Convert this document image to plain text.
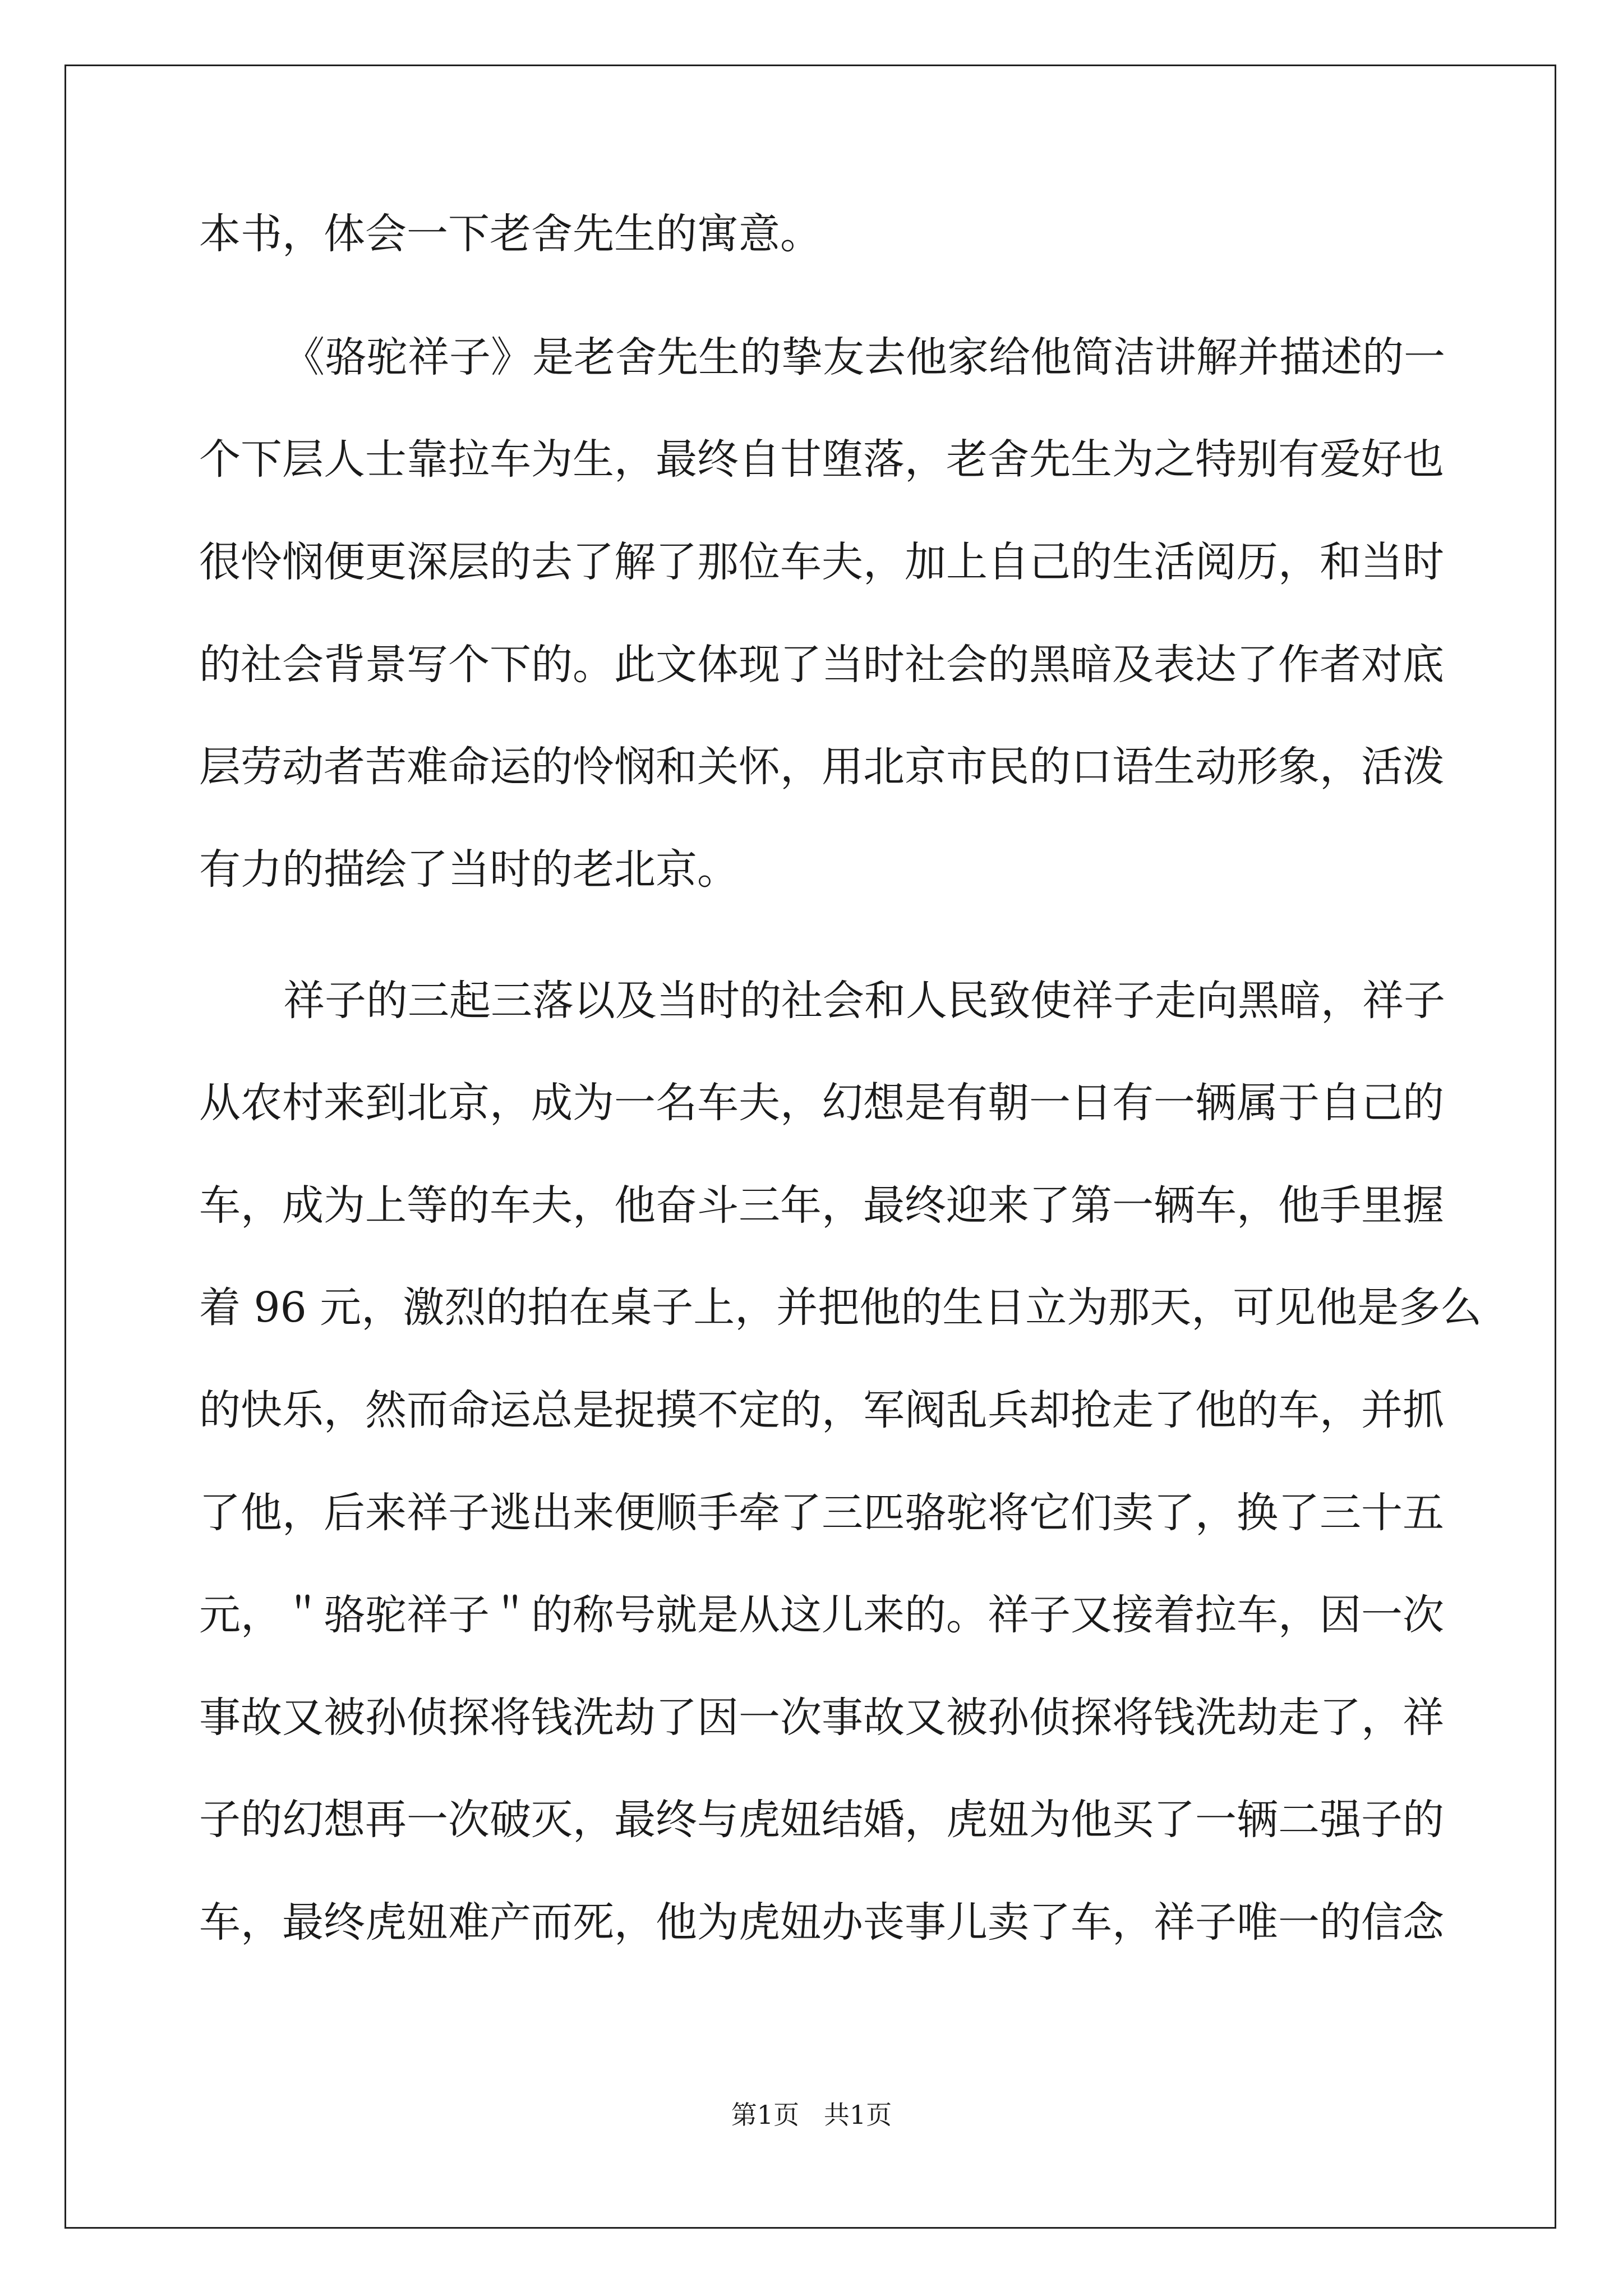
本书，体会一下老舍先生的寓意。
《骆驼祥子》是老舍先生的挚友去他家给他简洁讲解并描述的一
个下层人士靠拉车为生，最终自甘堕落，老舍先生为之特别有爱好也
很怜悯便更深层的去了解了那位车夫，加上自己的生活阅历，和当时
的社会背景写个下的。此文体现了当时社会的黑暗及表达了作者对底
层劳动者苦难命运的怜悯和关怀，用北京市民的口语生动形象，活泼
有力的描绘了当时的老北京。
祥子的三起三落以及当时的社会和人民致使祥子走向黑暗，祥子
从农村来到北京，成为一名车夫，幻想是有朝一日有一辆属于自己的
车，成为上等的车夫，他奋斗三年，最终迎来了第一辆车，他手里握
着 96 元，激烈的拍在桌子上，并把他的生日立为那天，可见他是多么
的快乐，然而命运总是捉摸不定的，军阀乱兵却抢走了他的车，并抓
了他，后来祥子逃出来便顺手牵了三匹骆驼将它们卖了，换了三十五
元，＂骆驼祥子＂的称号就是从这儿来的。祥子又接着拉车，因一次
事故又被孙侦探将钱洗劫了因一次事故又被孙侦探将钱洗劫走了，祥
子的幻想再一次破灭，最终与虎妞结婚，虎妞为他买了一辆二强子的
车，最终虎妞难产而死，他为虎妞办丧事儿卖了车，祥子唯一的信念
第1页   共1页
